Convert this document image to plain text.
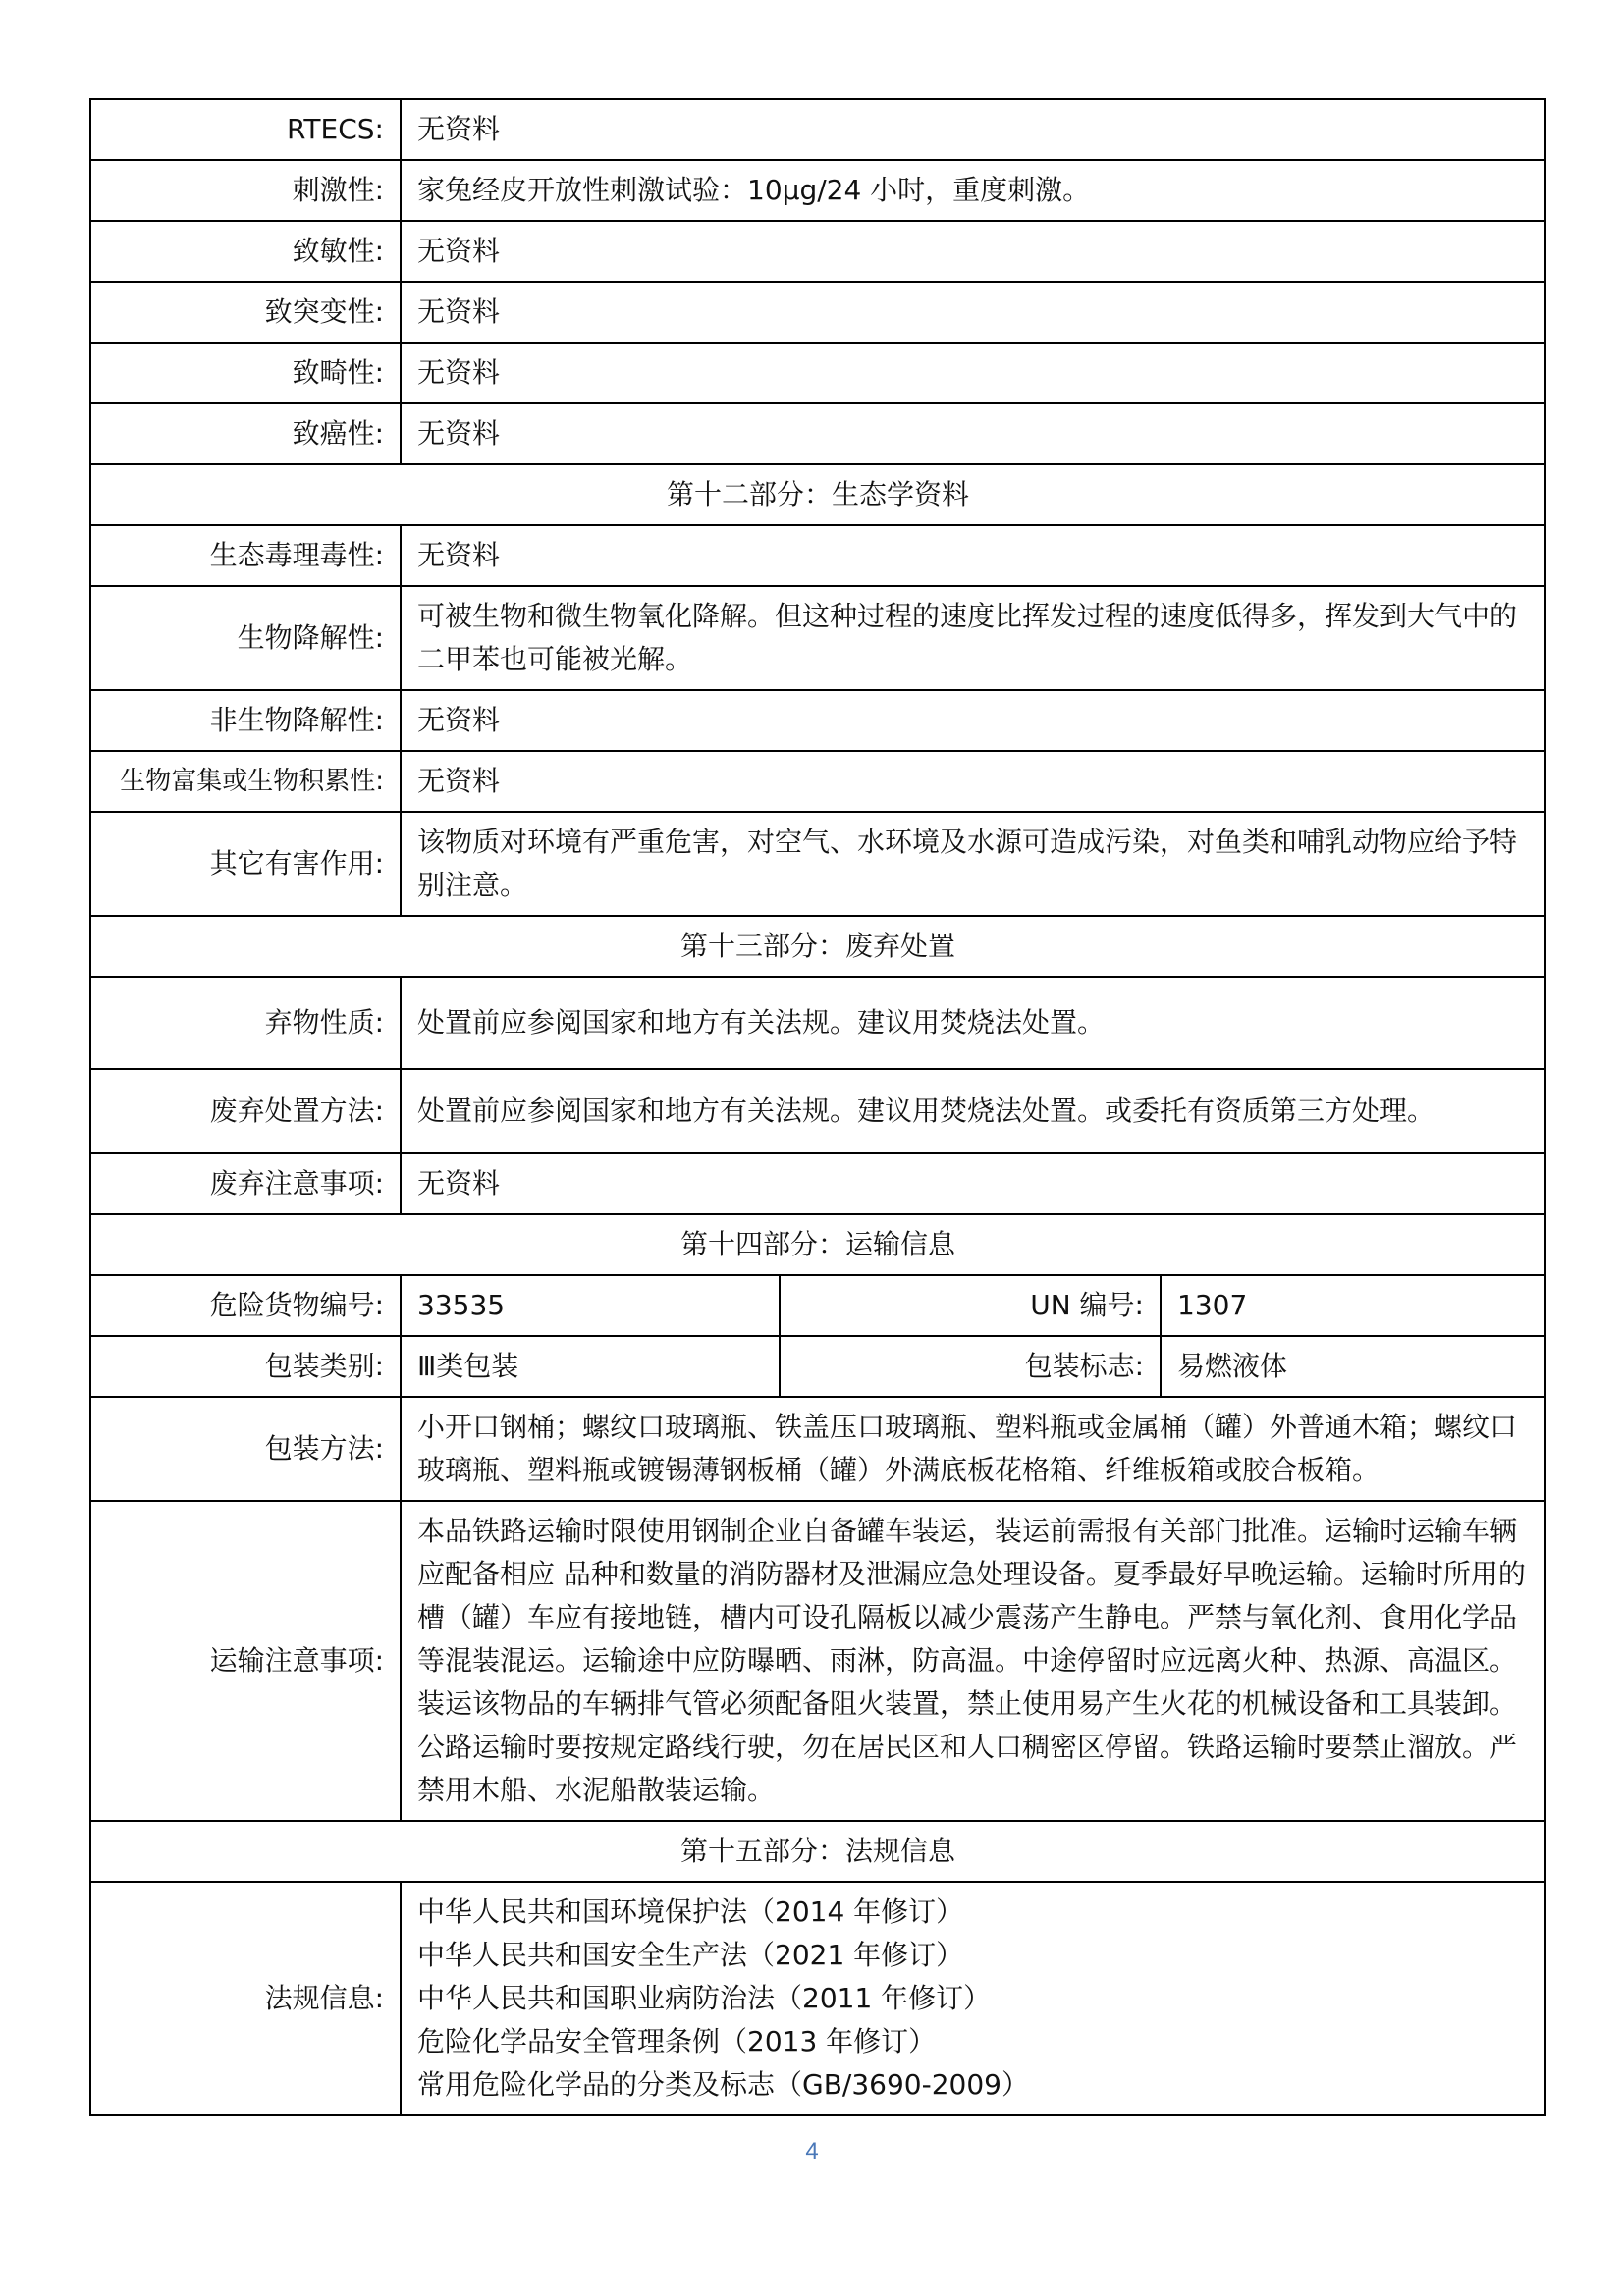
RTECS:	无资料		
刺激性:	家兔经皮开放性刺激试验：10μg/24 小时，重度刺激。		
致敏性:	无资料		
致突变性:	无资料		
致畸性:	无资料		
致癌性:	无资料		
第十二部分：生态学资料			
生态毒理毒性:	无资料		
生物降解性:	可被生物和微生物氧化降解。但这种过程的速度比挥发过程的速度低得多，挥发到大气中的二甲苯也可能被光解。		
非生物降解性:	无资料		
生物富集或生物积累性:	无资料		
其它有害作用:	该物质对环境有严重危害，对空气、水环境及水源可造成污染，对鱼类和哺乳动物应给予特别注意。		
第十三部分：废弃处置			
弃物性质:	处置前应参阅国家和地方有关法规。建议用焚烧法处置。		
废弃处置方法:	处置前应参阅国家和地方有关法规。建议用焚烧法处置。或委托有资质第三方处理。		
废弃注意事项:	无资料		
第十四部分：运输信息			
危险货物编号:	33535	UN 编号:	1307
包装类别:	Ⅲ类包装	包装标志:	易燃液体
包装方法:	小开口钢桶；螺纹口玻璃瓶、铁盖压口玻璃瓶、塑料瓶或金属桶（罐）外普通木箱；螺纹口玻璃瓶、塑料瓶或镀锡薄钢板桶（罐）外满底板花格箱、纤维板箱或胶合板箱。		
运输注意事项:	本品铁路运输时限使用钢制企业自备罐车装运，装运前需报有关部门批准。运输时运输车辆应配备相应 品种和数量的消防器材及泄漏应急处理设备。夏季最好早晚运输。运输时所用的槽（罐）车应有接地链，槽内可设孔隔板以减少震荡产生静电。严禁与氧化剂、食用化学品等混装混运。运输途中应防曝晒、雨淋，防高温。中途停留时应远离火种、热源、高温区。装运该物品的车辆排气管必须配备阻火装置，禁止使用易产生火花的机械设备和工具装卸。公路运输时要按规定路线行驶，勿在居民区和人口稠密区停留。铁路运输时要禁止溜放。严禁用木船、水泥船散装运输。		
第十五部分：法规信息			
法规信息:	中华人民共和国环境保护法（2014 年修订）
中华人民共和国安全生产法（2021 年修订）
中华人民共和国职业病防治法（2011 年修订）
危险化学品安全管理条例（2013 年修订）
常用危险化学品的分类及标志（GB/3690-2009）		
4
